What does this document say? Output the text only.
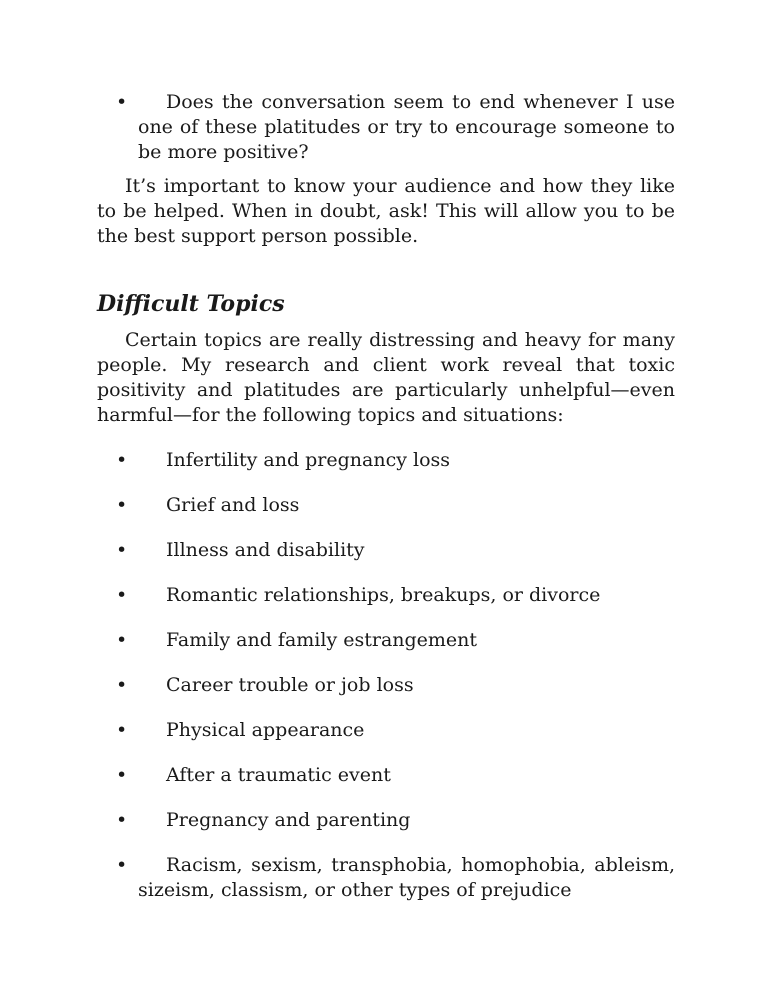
•	Does the conversation seem to end whenever I use one of these platitudes or try to encourage someone to be more positive?

It’s important to know your audience and how they like to be helped. When in doubt, ask! This will allow you to be the best support person possible.

Difficult Topics

Certain topics are really distressing and heavy for many people. My research and client work reveal that toxic positivity and platitudes are particularly unhelpful—even harmful—for the following topics and situations:

•	Infertility and pregnancy loss
•	Grief and loss
•	Illness and disability
•	Romantic relationships, breakups, or divorce
•	Family and family estrangement
•	Career trouble or job loss
•	Physical appearance
•	After a traumatic event
•	Pregnancy and parenting
•	Racism, sexism, transphobia, homophobia, ableism, sizeism, classism, or other types of prejudice
